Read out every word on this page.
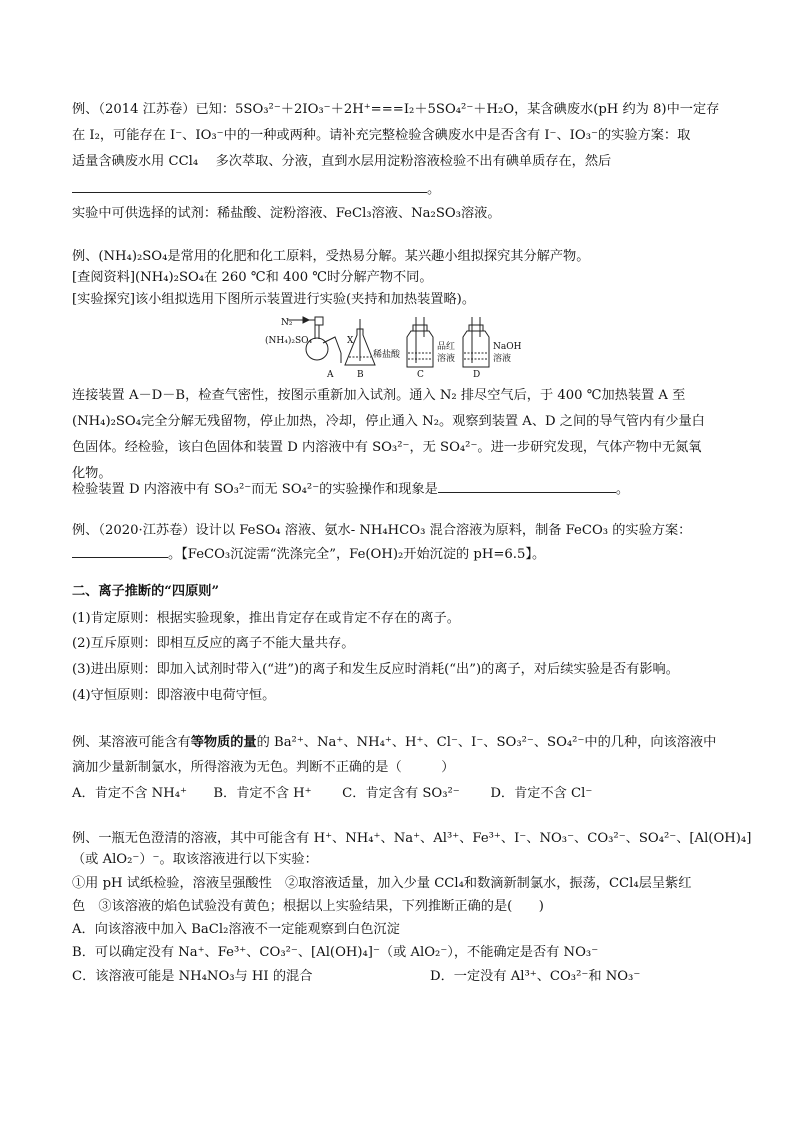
例、（2014 江苏卷）已知：5SO₃²⁻＋2IO₃⁻＋2H⁺===I₂＋5SO₄²⁻＋H₂O，某含碘废水(pH 约为 8)中一定存
在 I₂，可能存在 I⁻、IO₃⁻中的一种或两种。请补充完整检验含碘废水中是否含有 I⁻、IO₃⁻的实验方案：取
适量含碘废水用 CCl₄　 多次萃取、分液，直到水层用淀粉溶液检验不出有碘单质存在，然后
。
实验中可供选择的试剂：稀盐酸、淀粉溶液、FeCl₃溶液、Na₂SO₃溶液。
例、(NH₄)₂SO₄是常用的化肥和化工原料，受热易分解。某兴趣小组拟探究其分解产物。
[查阅资料](NH₄)₂SO₄在 260 ℃和 400 ℃时分解产物不同。
[实验探究]该小组拟选用下图所示装置进行实验(夹持和加热装置略)。
N₂
(NH₄)₂SO₄	X
A
稀盐酸
B
品红
溶液
C
NaOH
溶液
D
连接装置 A－D－B，检查气密性，按图示重新加入试剂。通入 N₂ 排尽空气后，于 400 ℃加热装置 A 至
(NH₄)₂SO₄完全分解无残留物，停止加热，冷却，停止通入 N₂。观察到装置 A、D 之间的导气管内有少量白
色固体。经检验，该白色固体和装置 D 内溶液中有 SO₃²⁻，无 SO₄²⁻。进一步研究发现，气体产物中无氮氧
化物。
检验装置 D 内溶液中有 SO₃²⁻而无 SO₄²⁻的实验操作和现象是	。
例、（2020·江苏卷）设计以 FeSO₄ 溶液、氨水- NH₄HCO₃ 混合溶液为原料，制备 FeCO₃ 的实验方案：
。【FeCO₃沉淀需“洗涤完全”，Fe(OH)₂开始沉淀的 pH=6.5】。
二、离子推断的“四原则”
(1)肯定原则：根据实验现象，推出肯定存在或肯定不存在的离子。
(2)互斥原则：即相互反应的离子不能大量共存。
(3)进出原则：即加入试剂时带入(“进”)的离子和发生反应时消耗(“出”)的离子，对后续实验是否有影响。
(4)守恒原则：即溶液中电荷守恒。
例、某溶液可能含有等物质的量的 Ba²⁺、Na⁺、NH₄⁺、H⁺、Cl⁻、I⁻、SO₃²⁻、SO₄²⁻中的几种，向该溶液中
滴加少量新制氯水，所得溶液为无色。判断不正确的是（　　　）
A．肯定不含 NH₄⁺　　B．肯定不含 H⁺　　 C．肯定含有 SO₃²⁻　　 D．肯定不含 Cl⁻
例、一瓶无色澄清的溶液，其中可能含有 H⁺、NH₄⁺、Na⁺、Al³⁺、Fe³⁺、I⁻、NO₃⁻、CO₃²⁻、SO₄²⁻、[Al(OH)₄]
（或 AlO₂⁻）⁻。取该溶液进行以下实验：
①用 pH 试纸检验，溶液呈强酸性　②取溶液适量，加入少量 CCl₄和数滴新制氯水，振荡，CCl₄层呈紫红
色　③该溶液的焰色试验没有黄色；根据以上实验结果，下列推断正确的是(　　)
A．向该溶液中加入 BaCl₂溶液不一定能观察到白色沉淀
B．可以确定没有 Na⁺、Fe³⁺、CO₃²⁻、[Al(OH)₄]⁻（或 AlO₂⁻），不能确定是否有 NO₃⁻
C．该溶液可能是 NH₄NO₃与 HI 的混合	D．一定没有 Al³⁺、CO₃²⁻和 NO₃⁻
